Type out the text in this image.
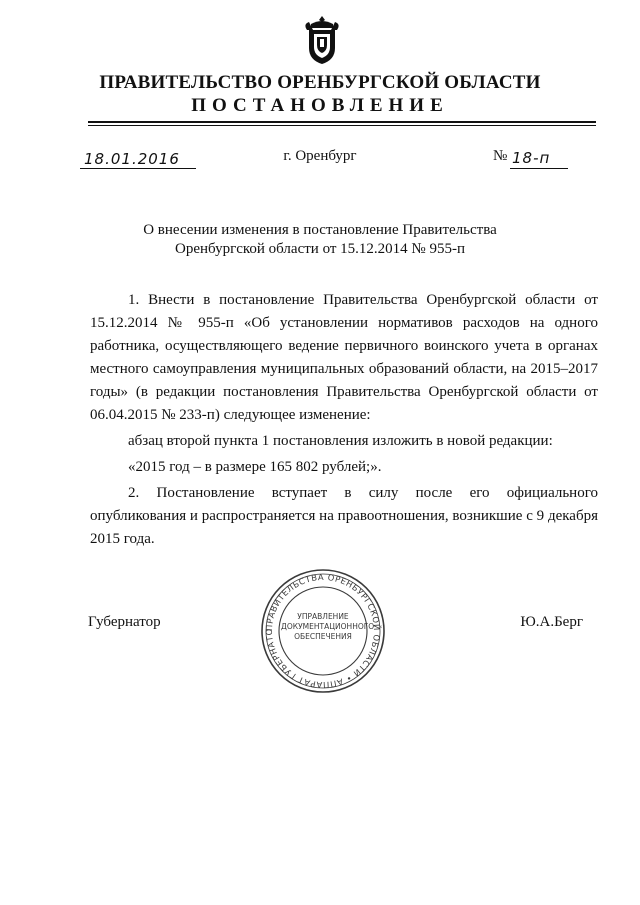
ПРАВИТЕЛЬСТВО ОРЕНБУРГСКОЙ ОБЛАСТИ
ПОСТАНОВЛЕНИЕ
18.01.2016	г. Оренбург	№ 18-п
О внесении изменения в постановление Правительства
Оренбургской области от 15.12.2014 № 955-п

1. Внести в постановление Правительства Оренбургской области от 15.12.2014 № 955-п «Об установлении нормативов расходов на одного работника, осуществляющего ведение первичного воинского учета в органах местного самоуправления муниципальных образований области, на 2015–2017 годы» (в редакции постановления Правительства Оренбургской области от 06.04.2015 № 233-п) следующее изменение:

абзац второй пункта 1 постановления изложить в новой редакции:

«2015 год – в размере 165 802 рублей;».

2. Постановление вступает в силу после его официального опубликования и распространяется на правоотношения, возникшие с 9 декабря 2015 года.

Губернатор	Ю.А.Берг
ПРАВИТЕЛЬСТВА ОРЕНБУРГСКОЙ ОБЛАСТИ • АППАРАТ ГУБЕРНАТО
УПРАВЛЕНИЕ
ДОКУМЕНТАЦИОННОГО
ОБЕСПЕЧЕНИЯ
